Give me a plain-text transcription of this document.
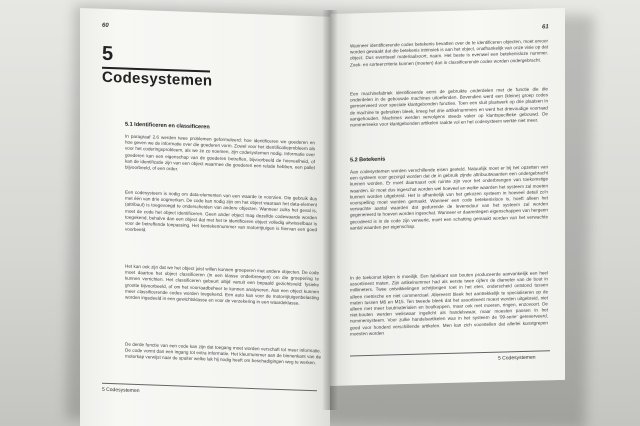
60
5
Codesystemen
5.1 Identificeren en classificeren
In paragraaf 2.6 werden twee problemen geformuleerd: hoe identificeren we goederen en hoe geven we de informatie over die goederen vorm. Zowel voor het identificatieprobleem als voor het coderingsprobleem, als we ze zo noemen, zijn codesystemen nodig. Informatie over goederen kan een eigenschap van de goederen betreffen, bijvoorbeeld de hoeveelheid, of kan de identificatie zijn van een object waarmee die goederen een relatie hebben, een pallet bijvoorbeeld, of een order.
Een codesysteem is nodig om data-elementen van een waarde te voorzien. Die gebruik dus met één van drie oogmerken. De code kan nodig zijn om het object waaraan het data-element (attribuut) is toegevoegd te onderscheiden van andere objecten. Wanneer zulks het geval is, moet de code het object identificeren. Geen ander object mag dezelfde codewaarde worden toegekend, behalve dan een object dat met het te identificeren object volledig uitwisselbaar is voor de betreffende toepassing. Het kentekennummer van motorrijtuigen is hiervan een goed voorbeeld.
Het kan ook zijn dat we het object juist willen kunnen groeperen met andere objecten. De code moet daartoe het object classificeren (in een klasse onderbrengen) om die groepering te kunnen verrichten. Het classificeren gebeurt altijd vanuit een bepaald gezichtsveld: fysieke grootte bijvoorbeeld, of om het voorraadbeheer te kunnen analyseren. Aan een object kunnen meer classificerende codes worden toegekend. Een auto kan voor de motorrijtuigenbelasting worden ingedeeld in een gewichtsklasse en voor de verzekering in een waardeklasse.
De derde functie van een code kan zijn dat toegang moet worden verschaft tot meer informatie. De code vormt dan een ingang tot extra informatie. Het kleurnummer aan de binnenkant van de motorkap verwijst naar de spuiter welke lak hij nodig heeft om beschadigingen weg te werken.
5 Codesystemen
61
Wanneer identificerende codes betekenis bevatten over de te identificeren objecten, moet ervoor worden gewaakt dat die betekenis intrinsiek is aan het object, onafhankelijk van onze visie op dat object. Dus eventueel materiaalsoort, naam. Het beste is evenwel een betekenisloze nummer. Zoek- en sorteercriteria kunnen (moeten) dan in classificerende codes worden ondergebracht.
Een machinefabriek identificeerde eens de gebruikte onderdelen met de functie die die onderdelen in de gebouwde machines uitoefenden. Bovendien werd een (kleine) groep codes gereserveerd voor speciale klantgebonden functies. Toen een sluit plastwerk op drie plaatsen in de machine te gebruiken bleek, kreeg het drie artikelnummers en werd het drievoudige voorraad aangehouden. Machines werden vervolgens steeds vaker op klantspecifieke gebouwd. De nummerreeks voor klantgebonden artikelen raakte vol en het codesysteem werkte niet meer.
5.2 Betekenis
Aan codesystemen worden verschillende eisen gesteld. Natuurlijk moet er bij het opzetten van een systeem voor gezorgd worden dat de in gebruik zijnde attribuutwaarden een ondergebracht kunnen worden. Er moet daarnaast ook ruimte zijn voor het onderbrengen van toekomstige waarden. Er moet dus ingeschat worden wel hoeveel en welke waarden het systeem zal moeten kunnen worden uitgebreid. Het is afhankelijk van het gekozen systeem in hoeveel detail zo'n voorspelling moet worden gemaakt. Wanneer een code betekenisloos is, hoeft alleen het verwachte aantal waarden dat gedurende de levensduur van het systeem zal worden gegenereerd te hoeven worden ingeschat. Wanneer er daarentegen eigenschappen van hergeen gecodeerd is in de code zijn verwerkt, moet een schatting gemaakt worden van het verwachte aantal waarden per eigenschap.
In de toekomst kijken is moeilijk. Een fabrikant van bouten produceerde aanvankelijk een heel assortiment maten. Zijn artikelnummer had als eerste twee cijfers de diameter van de bout in millimeters. Twee ontwikkelingen schrijlongen roet in het eten, onderscheid ontstond tussen alleen metrische en niet commerciael. Allereerst bleek het aantrekkelijk te specialiseren op de maten tussen M6 en M15. Ten tweede bleek dat het assortiment moest worden uitgebreid, niet alleen met meer boutmaterialen en boutkoppen, maar ook met moeren, ringen, enzovoort. De niet-bouten werden weliswaar ingelicht als handelswaar, maar moesten passen in het nummersysteem. Voor zulke handelsartikelen was in het systeem de '99-serie' gereserveerd, goed voor honderd verschillende artikelen. Men kan zich voorstellen dat allerlei kunstgrepen moesten worden
5 Codesystemen
